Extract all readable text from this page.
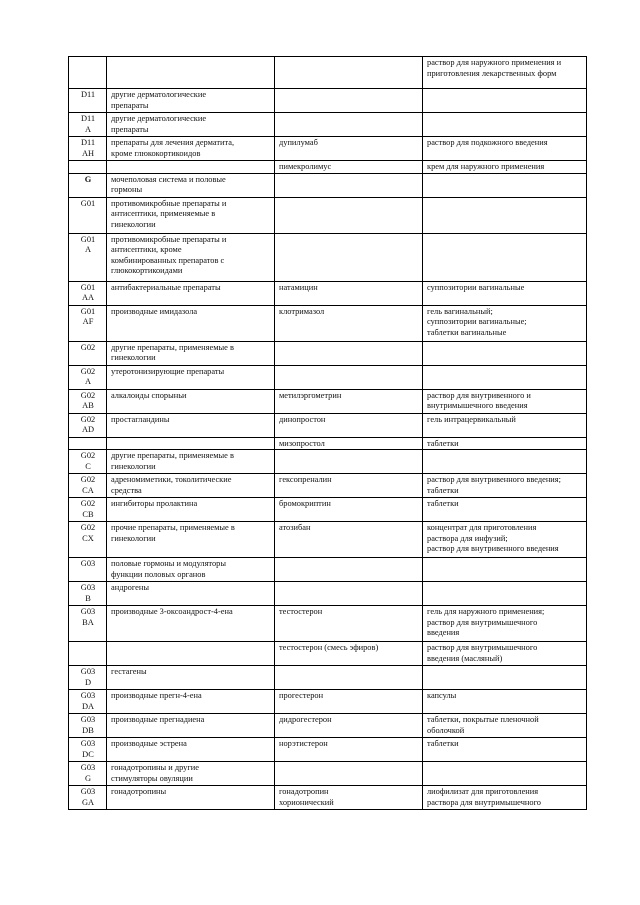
			раствор для наружного применения и
приготовления лекарственных форм

D11	другие дерматологические
препараты		

D11
A	другие дерматологические
препараты		

D11
AH	препараты для лечения дерматита,
кроме глюкокортикоидов	дупилумаб	раствор для подкожного введения

		пимекролимус	крем для наружного применения

G	мочеполовая система и половые
гормоны		

G01	противомикробные препараты и
антисептики, применяемые в
гинекологии		

G01
A	противомикробные препараты и
антисептики, кроме
комбинированных препаратов с
глюкокортикоидами		

G01
AA	антибактериальные препараты	натамицин	суппозитории вагинальные

G01
AF	производные имидазола	клотримазол	гель вагинальный;
суппозитории вагинальные;
таблетки вагинальные

G02	другие препараты, применяемые в
гинекологии		

G02
A	утеротонизирующие препараты		

G02
AB	алкалоиды спорыньи	метилэргометрин	раствор для внутривенного и
внутримышечного введения

G02
AD	простагландины	динопростон	гель интрацервикальный

		мизопростол	таблетки

G02
C	другие препараты, применяемые в
гинекологии		

G02
CA	адреномиметики, токолитические
средства	гексопреналин	раствор для внутривенного введения;
таблетки

G02
CB	ингибиторы пролактина	бромокриптин	таблетки

G02
CX	прочие препараты, применяемые в
гинекологии	атозибан	концентрат для приготовления
раствора для инфузий;
раствор для внутривенного введения

G03	половые гормоны и модуляторы
функции половых органов		

G03
B	андрогены		

G03
BA	производные 3-оксоандрост-4-ена	тестостерон	гель для наружного применения;
раствор для внутримышечного
введения

		тестостерон (смесь эфиров)	раствор для внутримышечного
введения (масляный)

G03
D	гестагены		

G03
DA	производные прегн-4-ена	прогестерон	капсулы

G03
DB	производные прегнадиена	дидрогестерон	таблетки, покрытые пленочной
оболочкой

G03
DC	производные эстрена	норэтистерон	таблетки

G03
G	гонадотропины и другие
стимуляторы овуляции		

G03
GA	гонадотропины	гонадотропин
хорионический	лиофилизат для приготовления
раствора для внутримышечного
